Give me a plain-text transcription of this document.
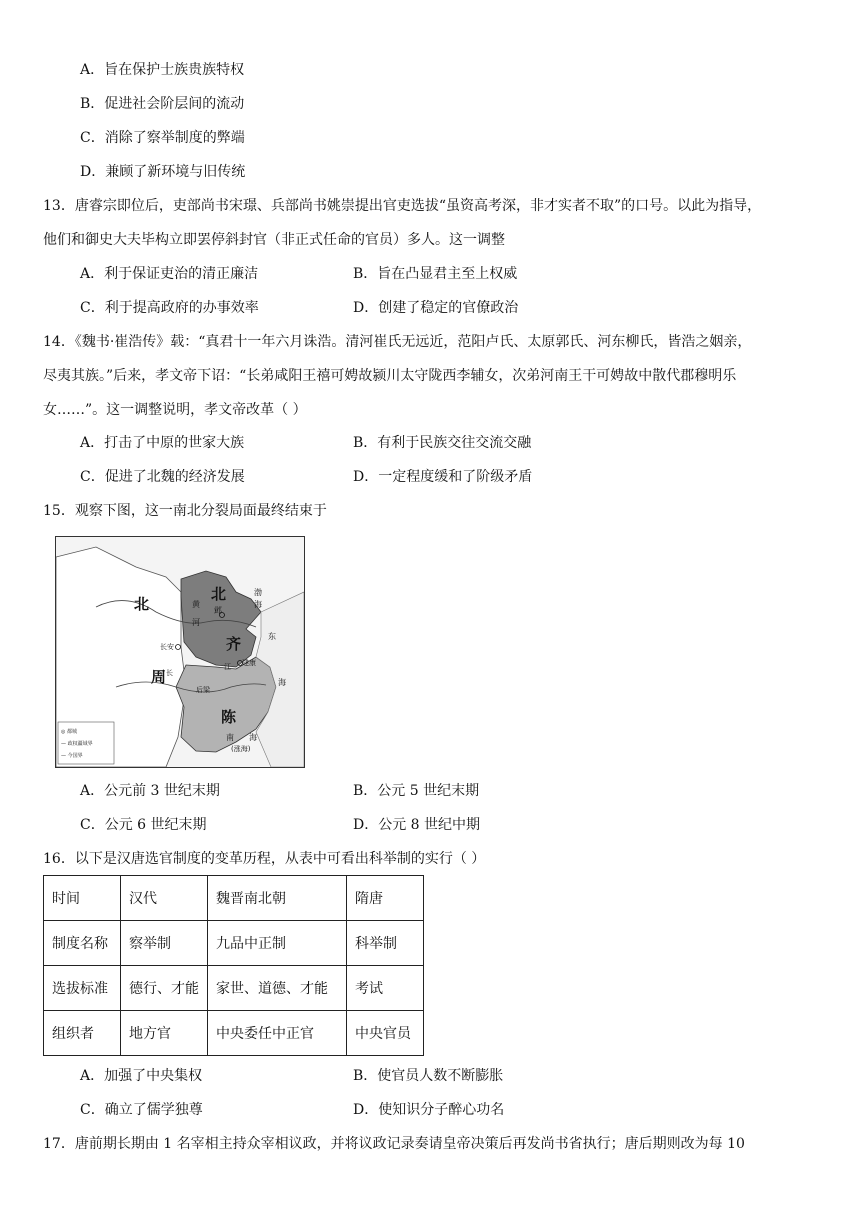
A．旨在保护士族贵族特权
B．促进社会阶层间的流动
C．消除了察举制度的弊端
D．兼顾了新环境与旧传统
13．唐睿宗即位后，吏部尚书宋璟、兵部尚书姚崇提出官吏选拔“虽资高考深，非才实者不取”的口号。以此为指导，
他们和御史大夫毕构立即罢停斜封官（非正式任命的官员）多人。这一调整
A．利于保证吏治的清正廉洁	B．旨在凸显君主至上权威
C．利于提高政府的办事效率	D．创建了稳定的官僚政治
14．《魏书·崔浩传》载：“真君十一年六月诛浩。清河崔氏无远近，范阳卢氏、太原郭氏、河东柳氏，皆浩之姻亲，
尽夷其族。”后来，孝文帝下诏：“长弟咸阳王禧可娉故颍川太守陇西李辅女，次弟河南王干可娉故中散代郡穆明乐
女……”。这一调整说明，孝文帝改革（ ）
A．打击了中原的世家大族	B．有利于民族交往交流交融
C．促进了北魏的经济发展	D．一定程度缓和了阶级矛盾
15．观察下图，这一南北分裂局面最终结束于
◎ 都城
— 政权疆域界
— 今国界
北
周
北
齐
陈
渤
海
黄
河
邺
长安
长
江 建康
后梁
东
海
南 海
(涨海)
A．公元前 3 世纪末期	B．公元 5 世纪末期
C．公元 6 世纪末期	D．公元 8 世纪中期
16．以下是汉唐选官制度的变革历程，从表中可看出科举制的实行（ ）
时间	汉代	魏晋南北朝	隋唐
制度名称	察举制	九品中正制	科举制
选拔标准	德行、才能	家世、道德、才能	考试
组织者	地方官	中央委任中正官	中央官员
A．加强了中央集权	B．使官员人数不断膨胀
C．确立了儒学独尊	D．使知识分子醉心功名
17．唐前期长期由 1 名宰相主持众宰相议政，并将议政记录奏请皇帝决策后再发尚书省执行；唐后期则改为每 10
